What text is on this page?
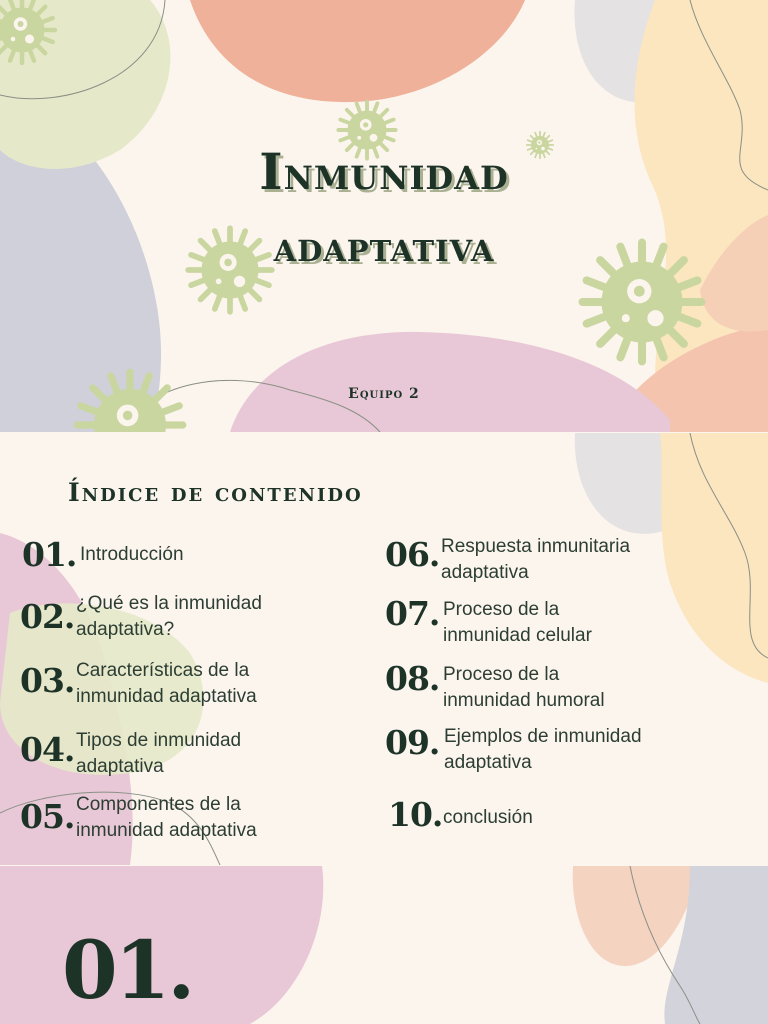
Inmunidad
adaptativa
Equipo 2
Índice de contenido
01. Introducción
02. ¿Qué es la inmunidad
adaptativa?
03. Características de la
inmunidad adaptativa
04. Tipos de inmunidad
adaptativa
05. Componentes de la
inmunidad adaptativa
06. Respuesta inmunitaria
adaptativa
07. Proceso de la
inmunidad celular
08. Proceso de la
inmunidad humoral
09. Ejemplos de inmunidad
adaptativa
10. conclusión
01.
